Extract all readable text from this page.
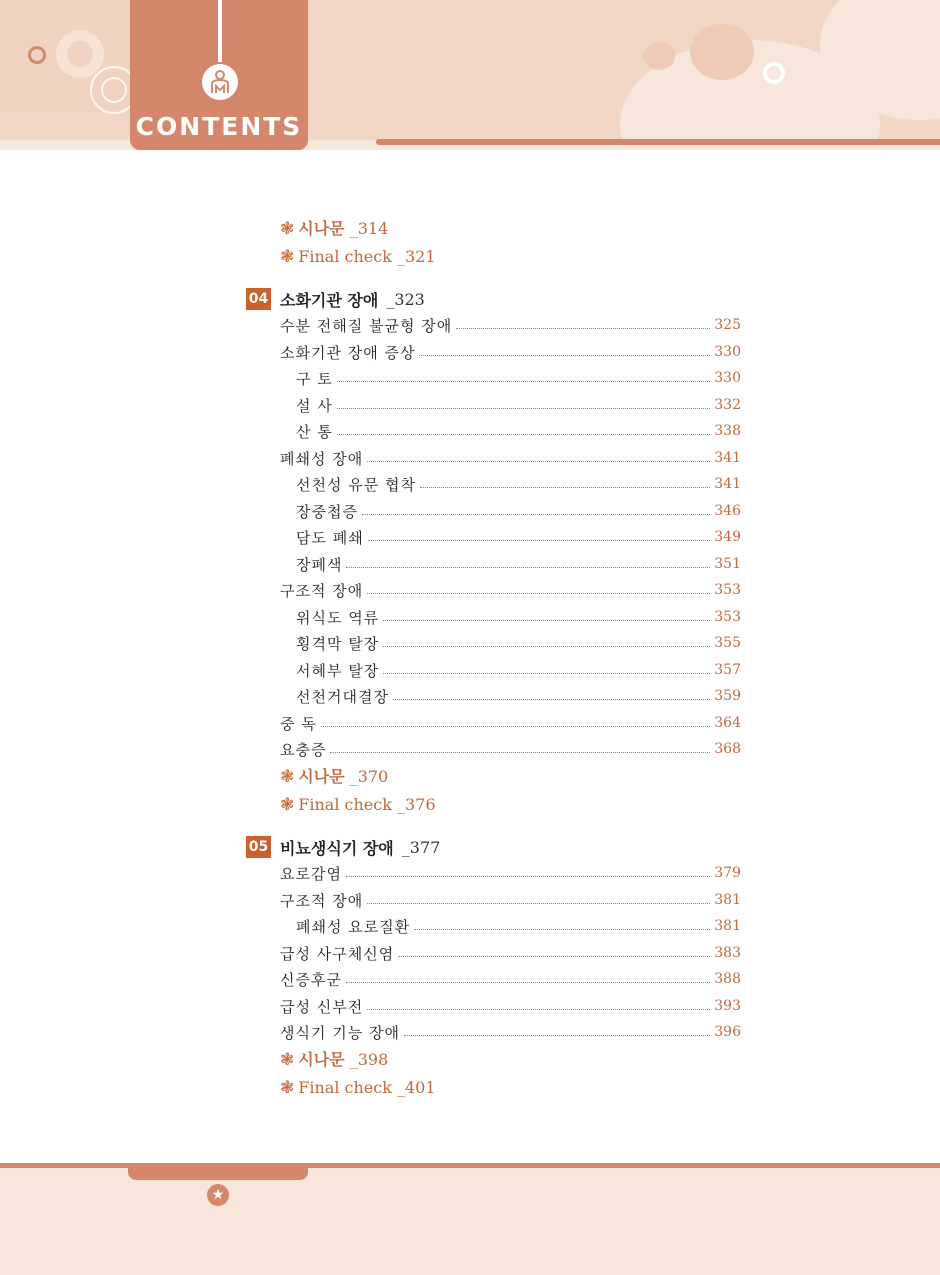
CONTENTS
❃ 시나문 _314
❃ Final check _321
04 소화기관 장애 _323
수분 전해질 불균형 장애	325
소화기관 장애 증상	330
구 토	330
설 사	332
산 통	338
폐쇄성 장애	341
선천성 유문 협착	341
장중첩증	346
담도 폐쇄	349
장폐색	351
구조적 장애	353
위식도 역류	353
횡격막 탈장	355
서혜부 탈장	357
선천거대결장	359
중 독	364
요충증	368
❃ 시나문 _370
❃ Final check _376
05 비뇨생식기 장애 _377
요로감염	379
구조적 장애	381
폐쇄성 요로질환	381
급성 사구체신염	383
신증후군	388
급성 신부전	393
생식기 기능 장애	396
❃ 시나문 _398
❃ Final check _401
★
